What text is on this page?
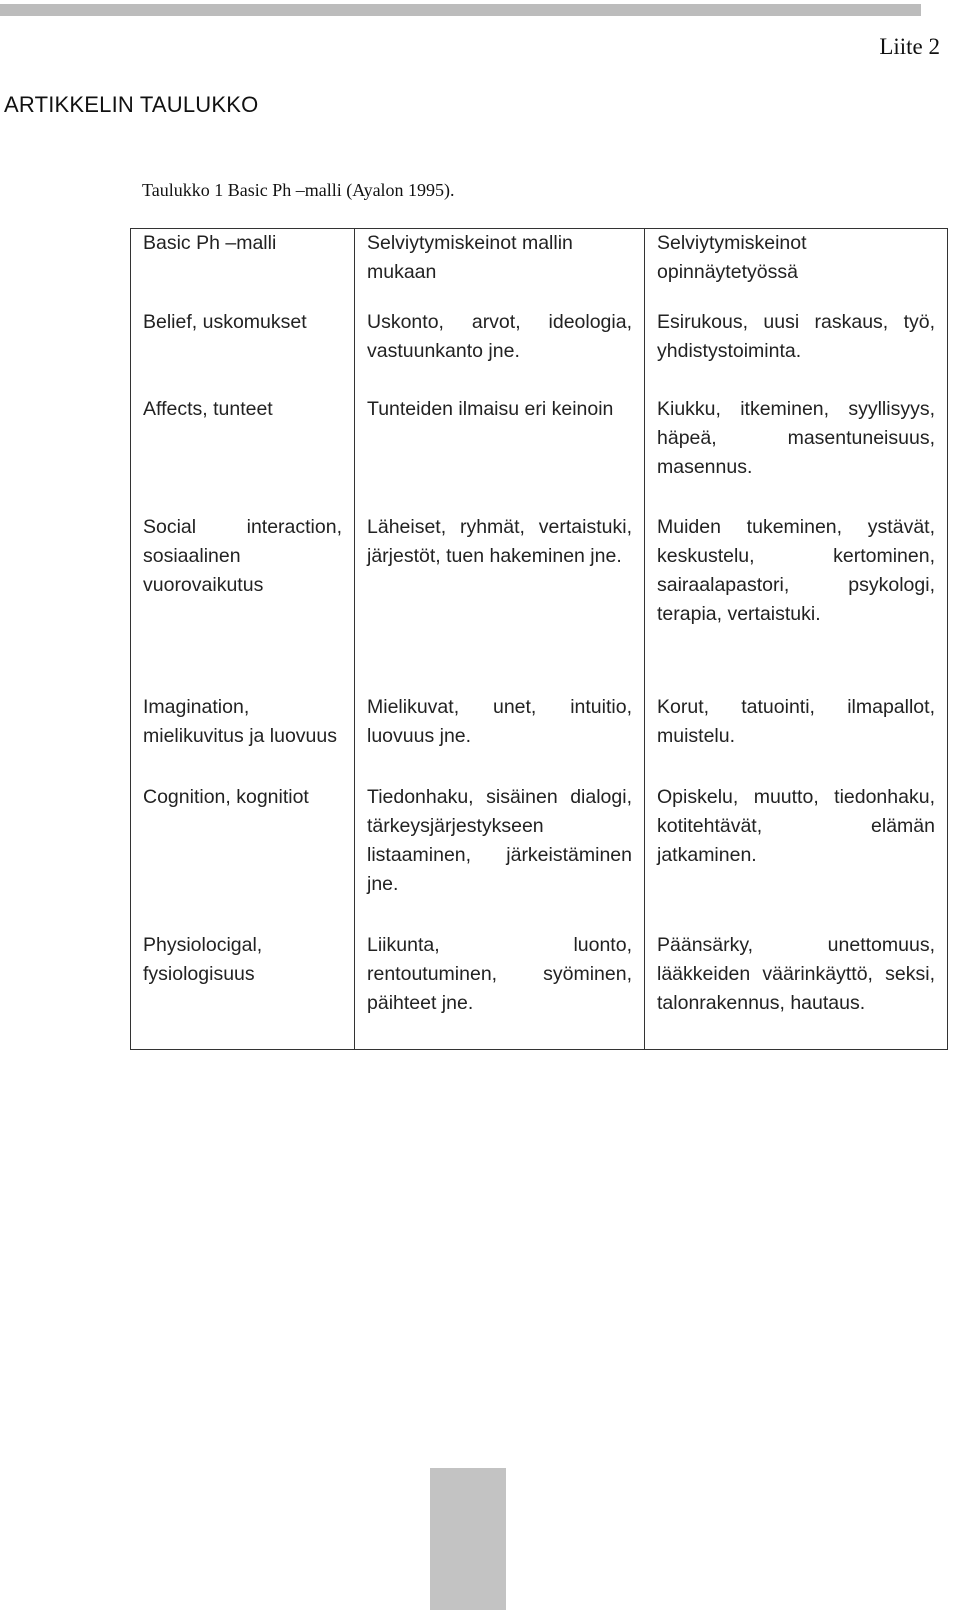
Liite 2
ARTIKKELIN TAULUKKO
Taulukko 1 Basic Ph –malli (Ayalon 1995).
Basic Ph –malli	Selviytymiskeinot mallin mukaan	Selviytymiskeinot opinnäytetyössä
Belief, uskomukset	Uskonto, arvot, ideologia, vastuunkanto jne.	Esirukous, uusi raskaus, työ, yhdistystoiminta.
Affects, tunteet	Tunteiden ilmaisu eri keinoin	Kiukku, itkeminen, syyllisyys, häpeä, masentuneisuus, masennus.
Social interaction, sosiaalinen vuorovaikutus	Läheiset, ryhmät, vertaistuki, järjestöt, tuen hakeminen jne.	Muiden tukeminen, ystävät, keskustelu, kertominen, sairaalapastori, psykologi, terapia, vertaistuki.
Imagination, mielikuvitus ja luovuus	Mielikuvat, unet, intuitio, luovuus jne.	Korut, tatuointi, ilmapallot, muistelu.
Cognition, kognitiot	Tiedonhaku, sisäinen dialogi, tärkeysjärjestykseen listaaminen, järkeistäminen jne.	Opiskelu, muutto, tiedonhaku, kotitehtävät, elämän jatkaminen.
Physiolocigal, fysiologisuus	Liikunta, luonto, rentoutuminen, syöminen, päihteet jne.	Päänsärky, unettomuus, lääkkeiden väärinkäyttö, seksi, talonrakennus, hautaus.
